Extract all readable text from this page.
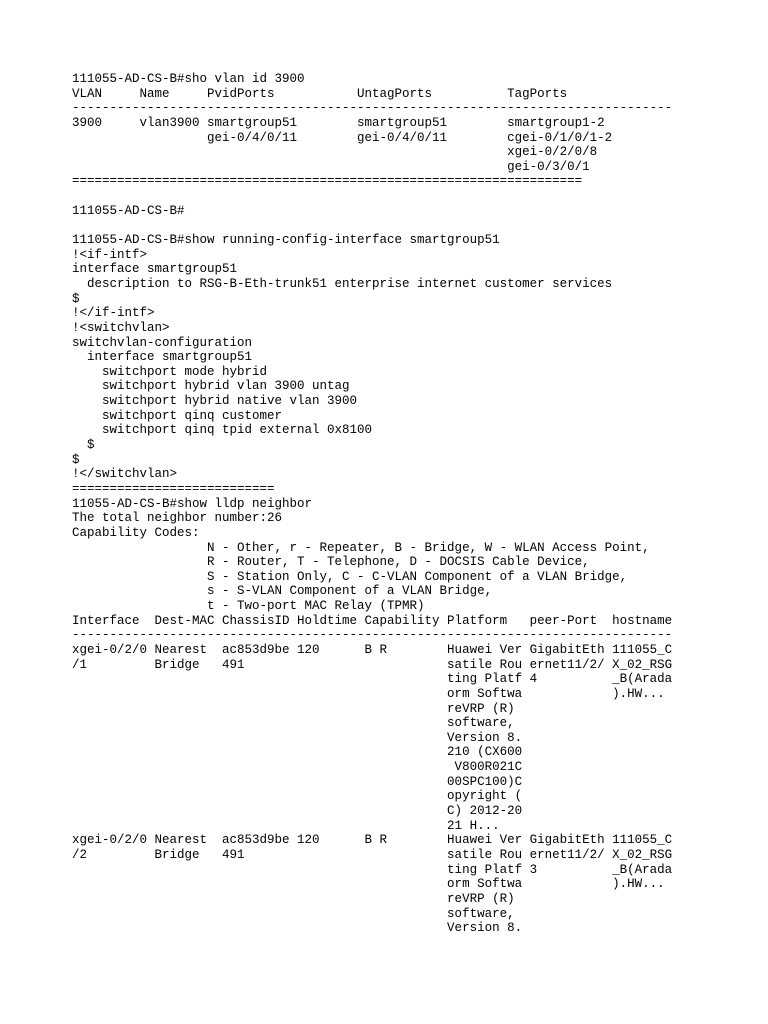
111055-AD-CS-B#sho vlan id 3900
VLAN     Name     PvidPorts           UntagPorts          TagPorts
--------------------------------------------------------------------------------
3900     vlan3900 smartgroup51        smartgroup51        smartgroup1-2
gei-0/4/0/11        gei-0/4/0/11        cgei-0/1/0/1-2
xgei-0/2/0/8
gei-0/3/0/1
====================================================================
111055-AD-CS-B#
111055-AD-CS-B#show running-config-interface smartgroup51
!<if-intf>
interface smartgroup51
description to RSG-B-Eth-trunk51 enterprise internet customer services
$
!</if-intf>
!<switchvlan>
switchvlan-configuration
interface smartgroup51
switchport mode hybrid
switchport hybrid vlan 3900 untag
switchport hybrid native vlan 3900
switchport qinq customer
switchport qinq tpid external 0x8100
$
$
!</switchvlan>
===========================
11055-AD-CS-B#show lldp neighbor
The total neighbor number:26
Capability Codes:
N - Other, r - Repeater, B - Bridge, W - WLAN Access Point,
R - Router, T - Telephone, D - DOCSIS Cable Device,
S - Station Only, C - C-VLAN Component of a VLAN Bridge,
s - S-VLAN Component of a VLAN Bridge,
t - Two-port MAC Relay (TPMR)
Interface  Dest-MAC ChassisID Holdtime Capability Platform   peer-Port  hostname
--------------------------------------------------------------------------------
xgei-0/2/0 Nearest  ac853d9be 120      B R        Huawei Ver GigabitEth 111055_C
/1         Bridge   491                           satile Rou ernet11/2/ X_02_RSG
ting Platf 4          _B(Arada
orm Softwa            ).HW...
reVRP (R)
software,
Version 8.
210 (CX600
V800R021C
00SPC100)C
opyright (
C) 2012-20
21 H...
xgei-0/2/0 Nearest  ac853d9be 120      B R        Huawei Ver GigabitEth 111055_C
/2         Bridge   491                           satile Rou ernet11/2/ X_02_RSG
ting Platf 3          _B(Arada
orm Softwa            ).HW...
reVRP (R)
software,
Version 8.
